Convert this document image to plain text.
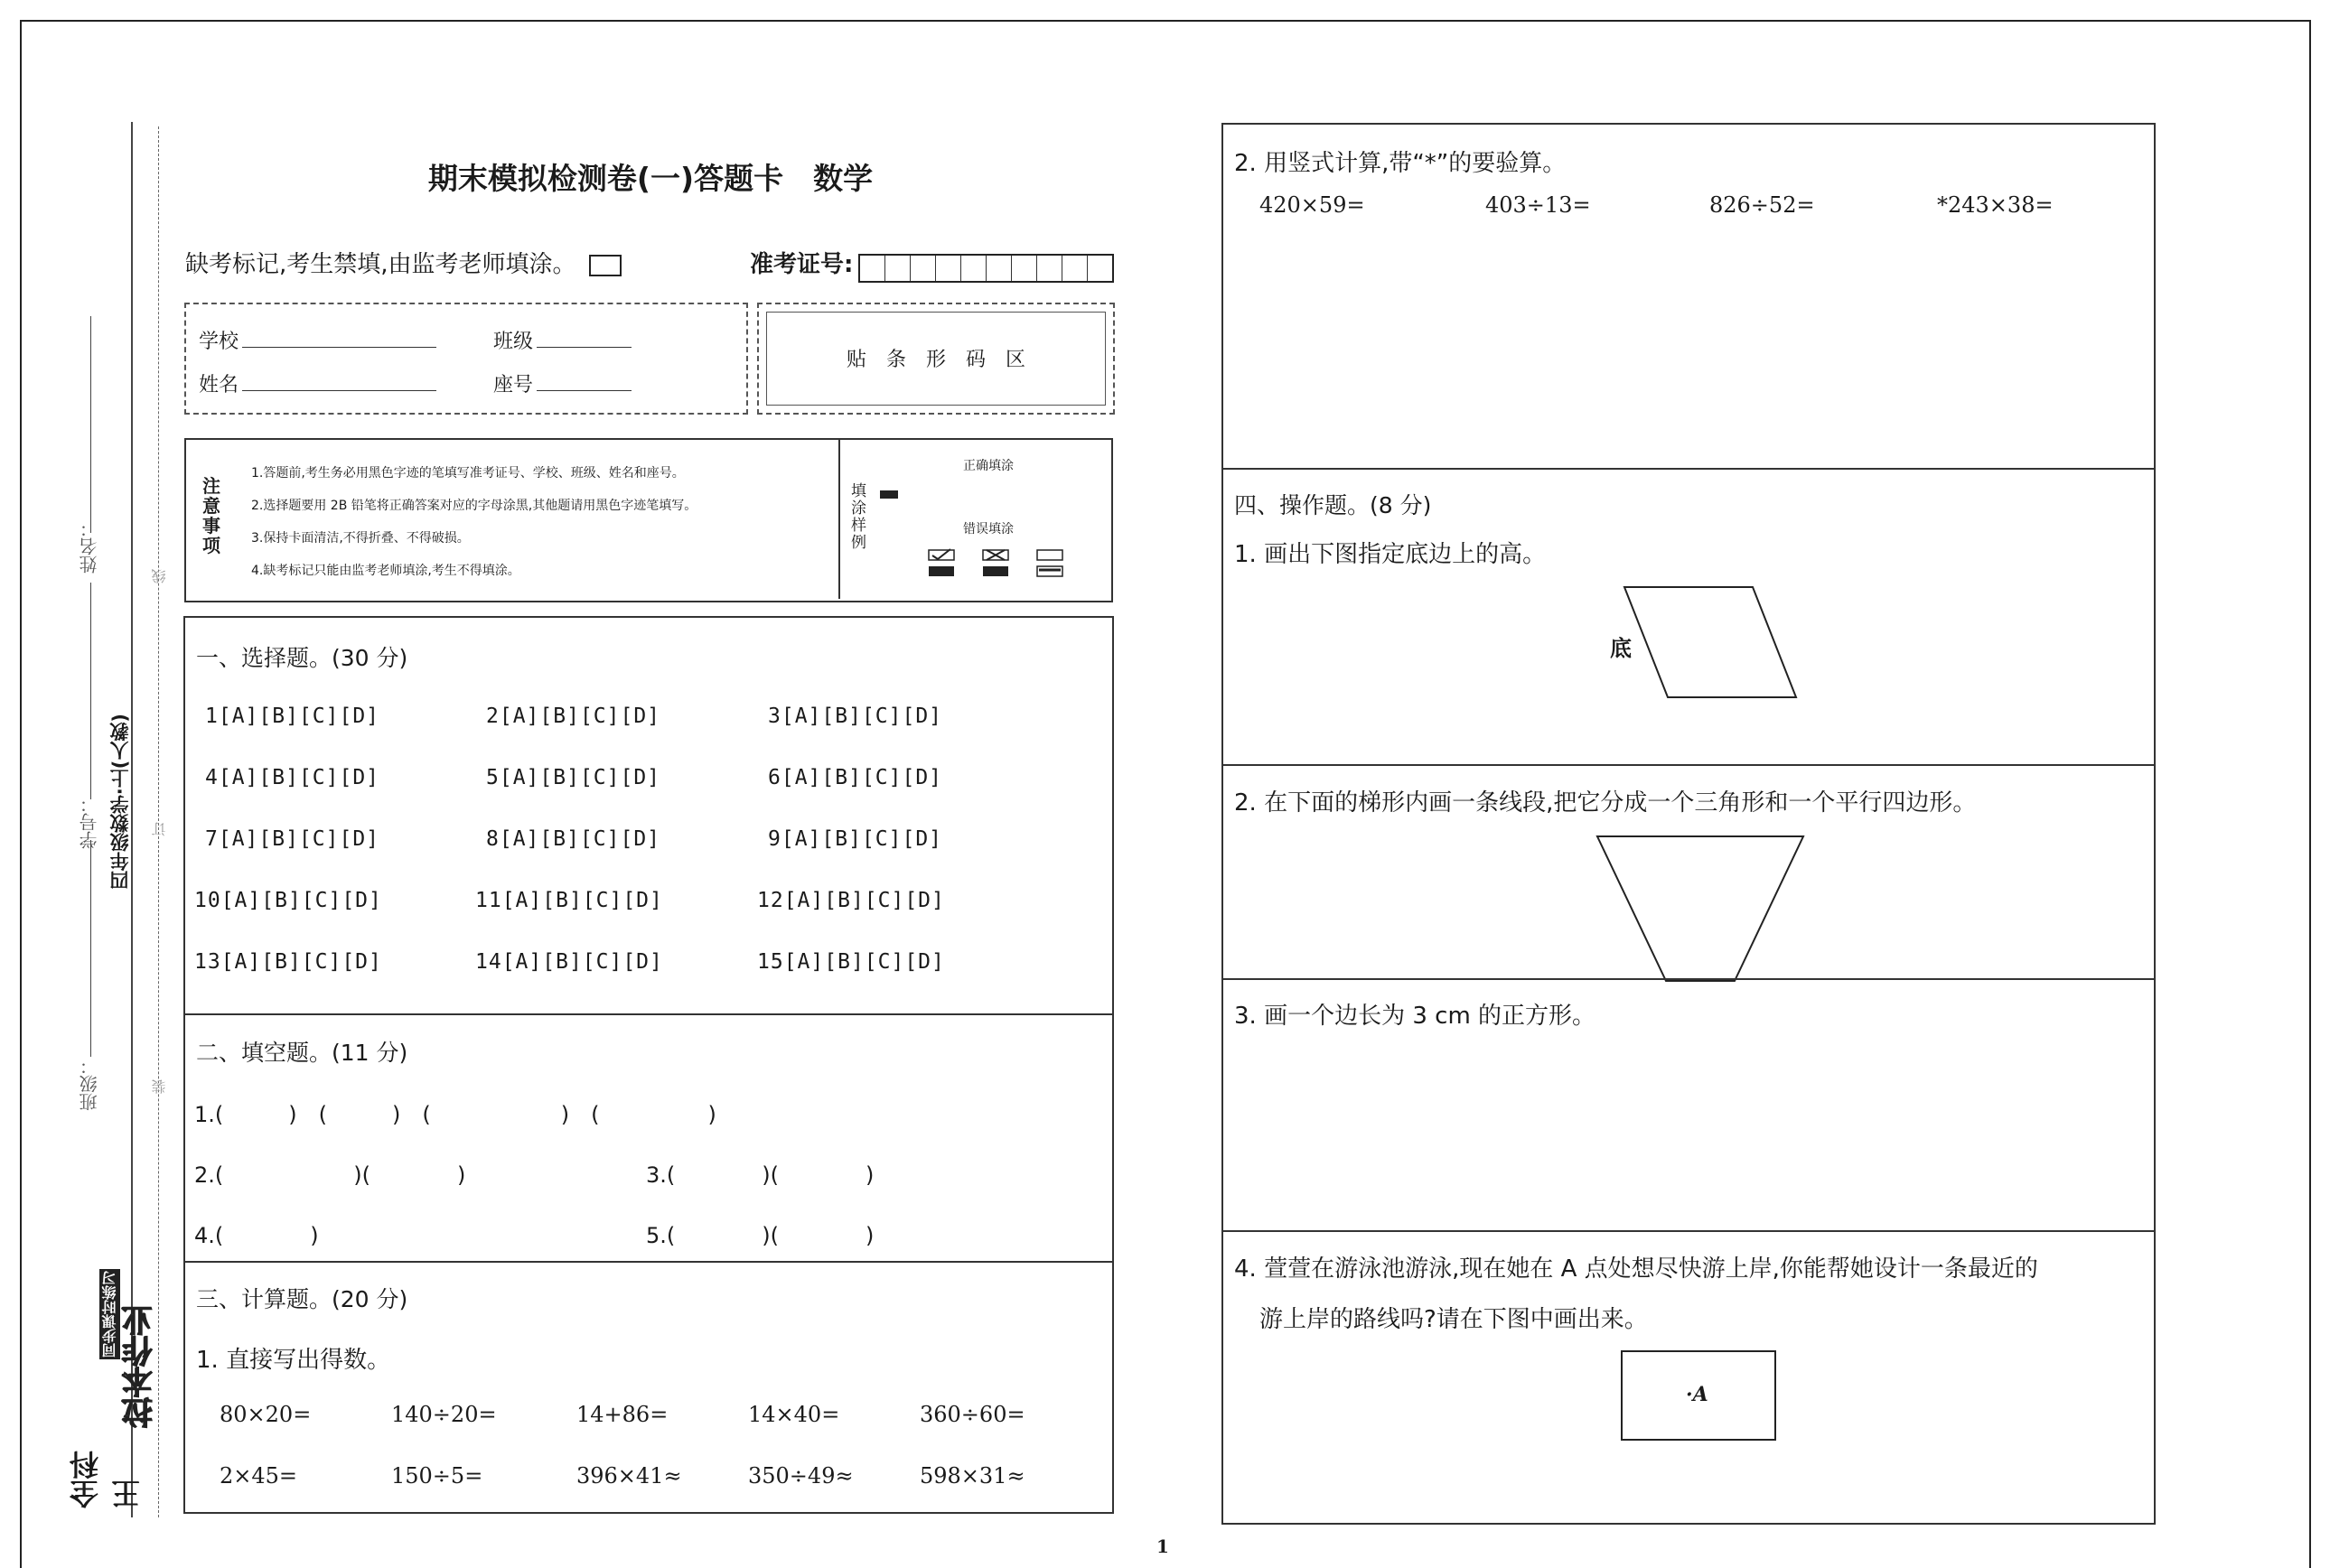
姓名：
学号：
班级：
四年级数学·上(人教)
线
订
装
全科王
同步课时练习 拉本作业
期末模拟检测卷(一)答题卡　数学
缺考标记,考生禁填,由监考老师填涂。	准考证号:
学校	班级
姓名	座号
贴　条　形　码　区
注意事项
1.答题前,考生务必用黑色字迹的笔填写准考证号、学校、班级、姓名和座号。
2.选择题要用 2B 铅笔将正确答案对应的字母涂黑,其他题请用黑色字迹笔填写。
3.保持卡面清洁,不得折叠、不得破损。
4.缺考标记只能由监考老师填涂,考生不得填涂。
填涂样例
正确填涂
错误填涂
一、选择题。(30 分)
1[A][B][C][D]	2[A][B][C][D]	3[A][B][C][D]
4[A][B][C][D]	5[A][B][C][D]	6[A][B][C][D]
7[A][B][C][D]	8[A][B][C][D]	9[A][B][C][D]
10[A][B][C][D]	11[A][B][C][D]	12[A][B][C][D]
13[A][B][C][D]	14[A][B][C][D]	15[A][B][C][D]
二、填空题。(11 分)
1.(　　　)　(　　　)　(　　　　　　)　(　　　　　)
2.(　　　　　　)(　　　　)	3.(　　　　)(　　　　)
4.(　　　　)	5.(　　　　)(　　　　)
三、计算题。(20 分)
1. 直接写出得数。
80×20=	140÷20=	14+86=	14×40=	360÷60=
2×45=	150÷5=	396×41≈	350÷49≈	598×31≈
1
2. 用竖式计算,带“*”的要验算。
420×59=	403÷13=	826÷52=	*243×38=
四、操作题。(8 分)
1. 画出下图指定底边上的高。
底
2. 在下面的梯形内画一条线段,把它分成一个三角形和一个平行四边形。
3. 画一个边长为 3 cm 的正方形。
4. 萱萱在游泳池游泳,现在她在 A 点处想尽快游上岸,你能帮她设计一条最近的
游上岸的路线吗?请在下图中画出来。
·A
